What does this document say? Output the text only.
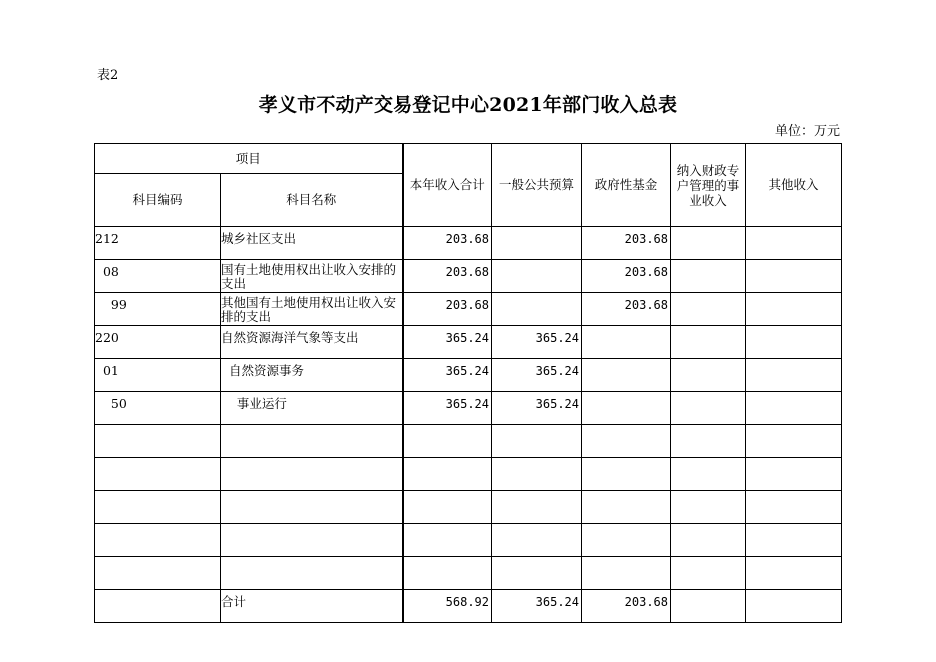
表2
孝义市不动产交易登记中心2021年部门收入总表
单位：万元
项目		本年收入合计	一般公共预算	政府性基金	纳入财政专户管理的事业收入	其他收入
科目编码	科目名称					
212	城乡社区支出	203.68		203.68		
08	国有土地使用权出让收入安排的支出	203.68		203.68		
99	其他国有土地使用权出让收入安排的支出	203.68		203.68		
220	自然资源海洋气象等支出	365.24	365.24			
01	自然资源事务	365.24	365.24			
50	事业运行	365.24	365.24			

	合计	568.92	365.24	203.68		
